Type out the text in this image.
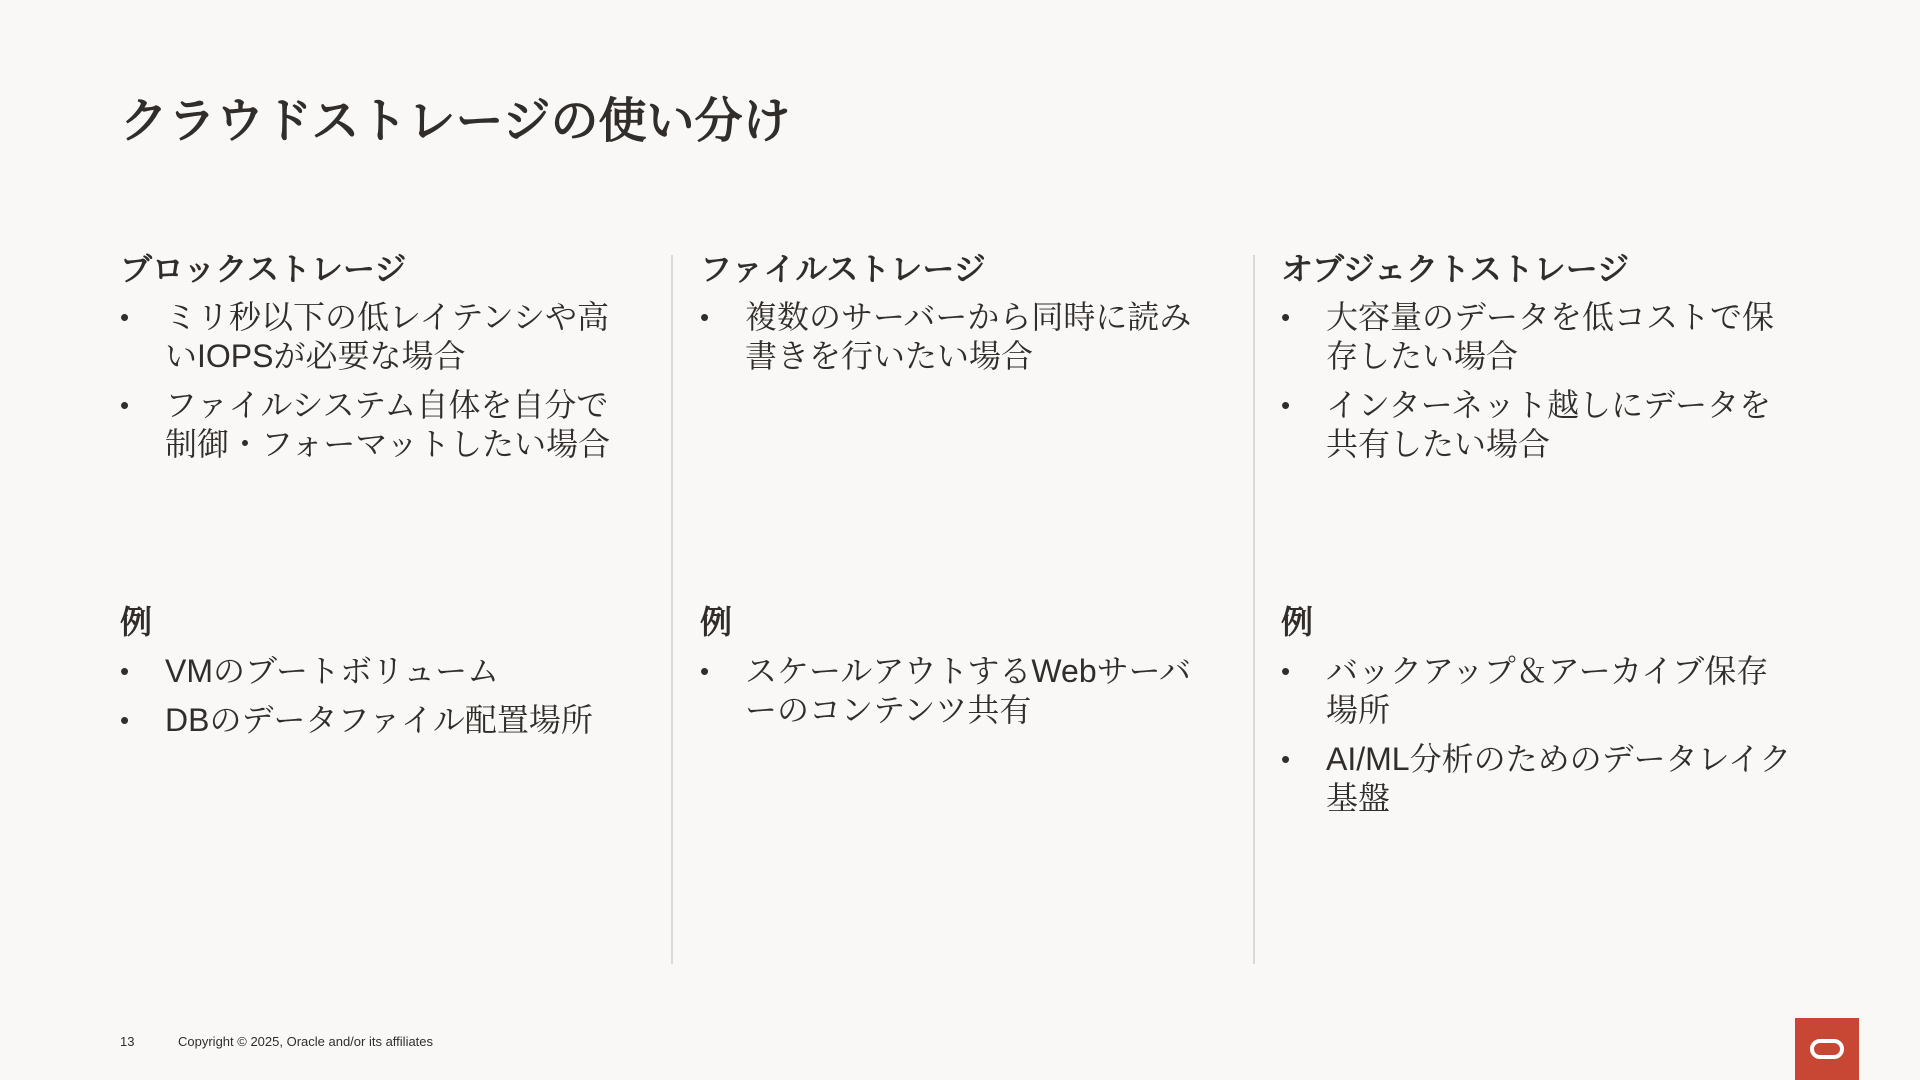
クラウドストレージの使い分け
ブロックストレージ
• ミリ秒以下の低レイテンシや高いIOPSが必要な場合
• ファイルシステム自体を自分で制御・フォーマットしたい場合
例
• VMのブートボリューム
• DBのデータファイル配置場所
ファイルストレージ
• 複数のサーバーから同時に読み書きを行いたい場合
例
• スケールアウトするWebサーバーのコンテンツ共有
オブジェクトストレージ
• 大容量のデータを低コストで保存したい場合
• インターネット越しにデータを共有したい場合
例
• バックアップ＆アーカイブ保存場所
• AI/ML分析のためのデータレイク基盤
13	Copyright © 2025, Oracle and/or its affiliates
